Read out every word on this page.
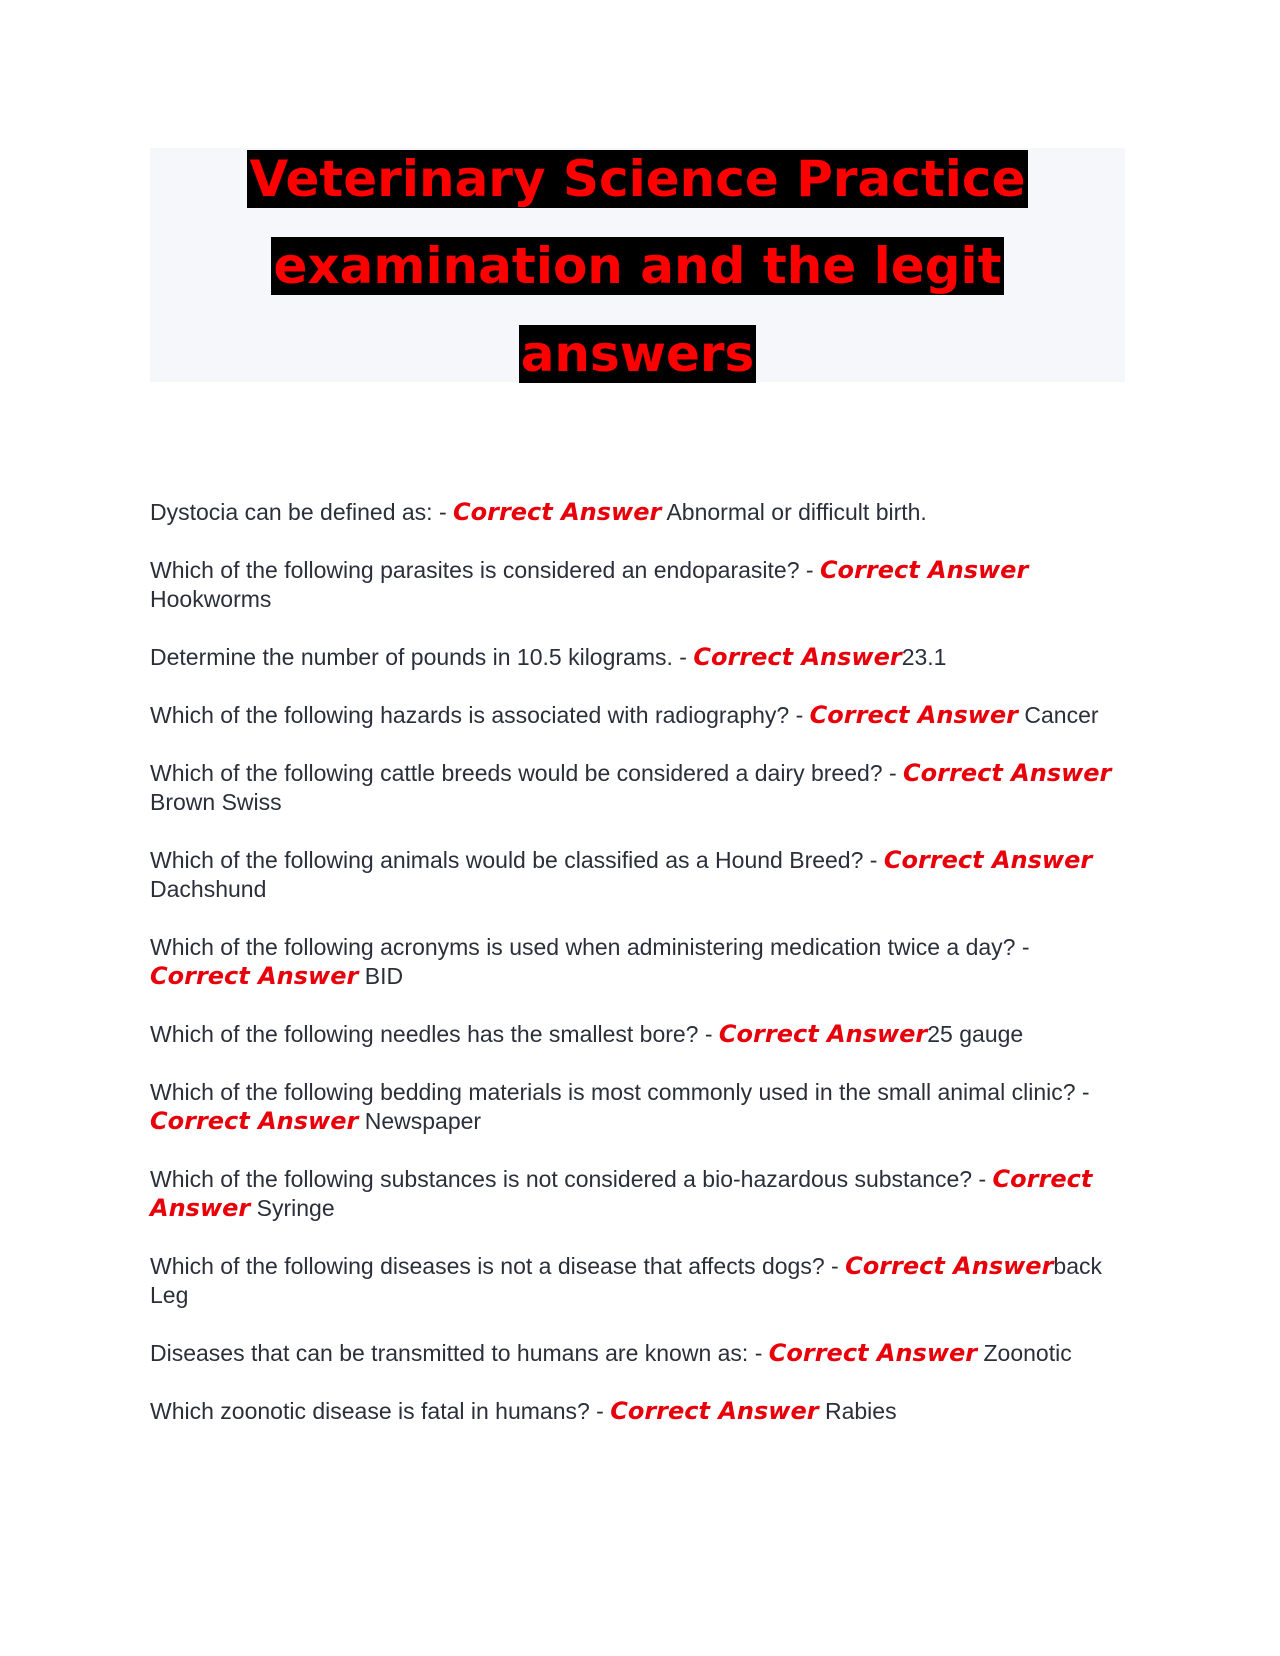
Veterinary Science Practice
examination and the legit
answers

Dystocia can be defined as: - Correct Answer Abnormal or difficult birth.

Which of the following parasites is considered an endoparasite? - Correct Answer Hookworms

Determine the number of pounds in 10.5 kilograms. - Correct Answer23.1

Which of the following hazards is associated with radiography? - Correct Answer Cancer

Which of the following cattle breeds would be considered a dairy breed? - Correct Answer Brown Swiss

Which of the following animals would be classified as a Hound Breed? - Correct Answer Dachshund

Which of the following acronyms is used when administering medication twice a day? - Correct Answer BID

Which of the following needles has the smallest bore? - Correct Answer25 gauge

Which of the following bedding materials is most commonly used in the small animal clinic? - Correct Answer Newspaper

Which of the following substances is not considered a bio-hazardous substance? - Correct Answer Syringe

Which of the following diseases is not a disease that affects dogs? - Correct Answerback Leg

Diseases that can be transmitted to humans are known as: - Correct Answer Zoonotic

Which zoonotic disease is fatal in humans? - Correct Answer Rabies
